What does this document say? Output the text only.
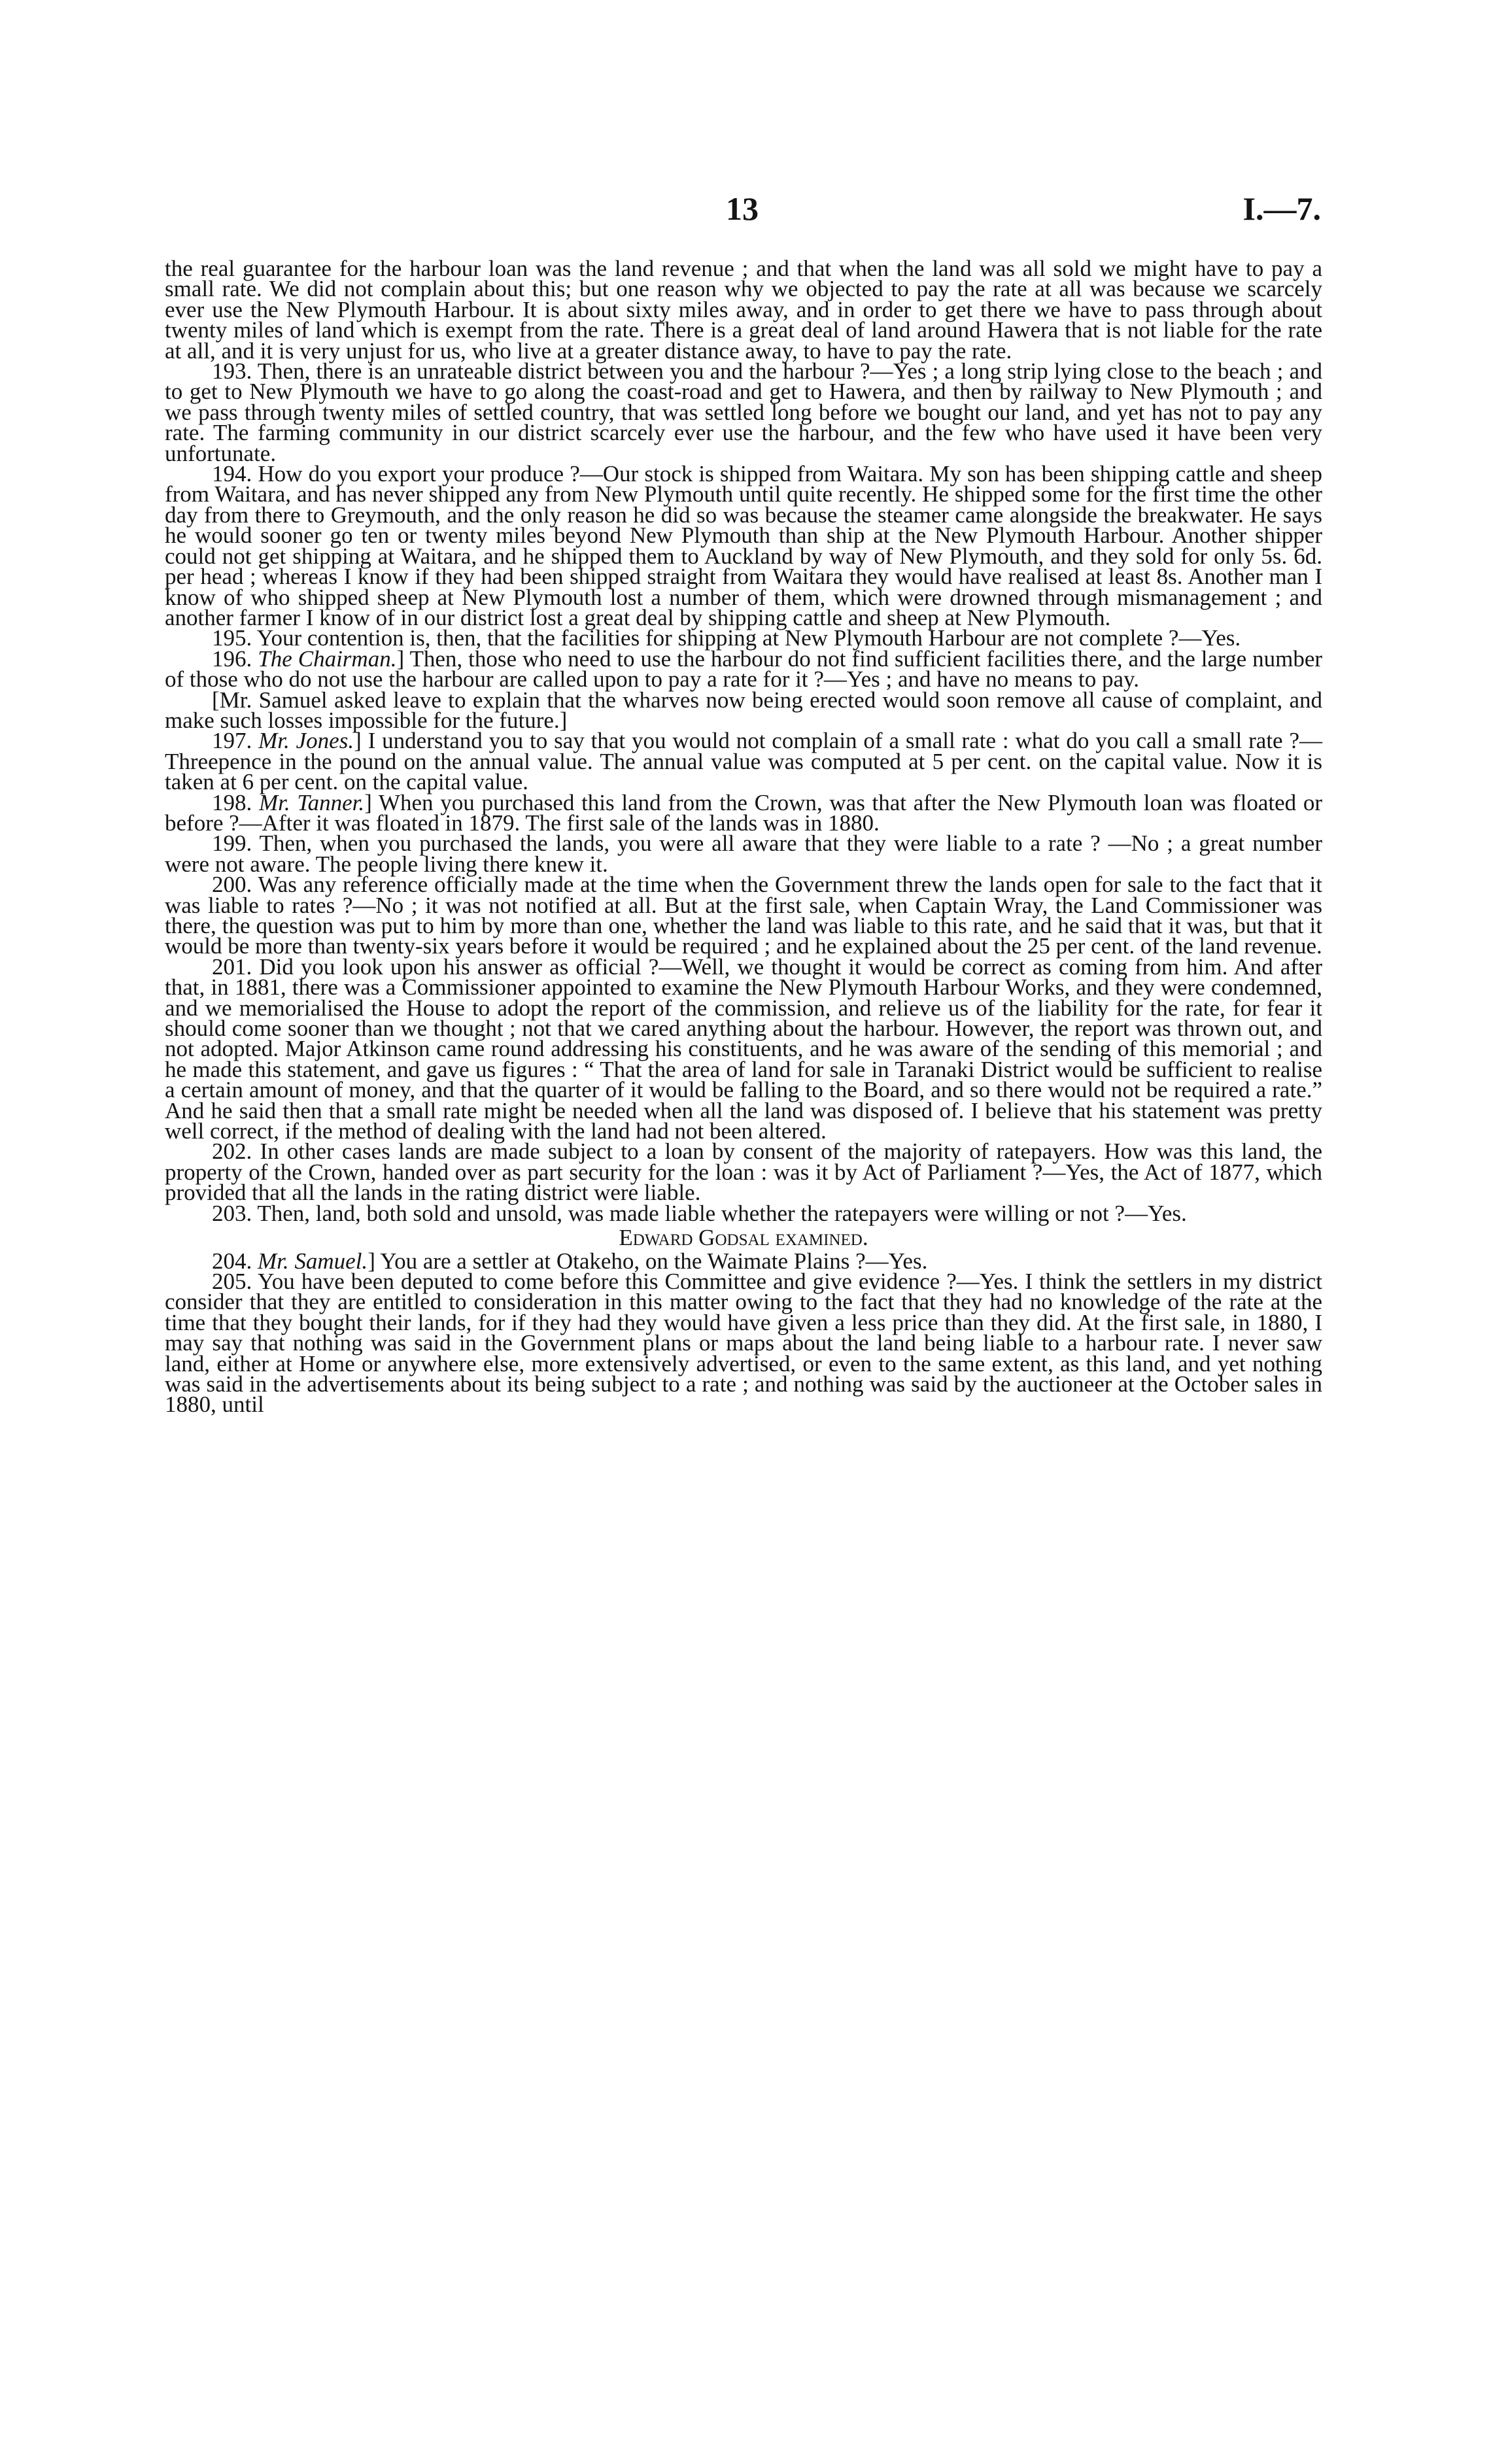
13	I.—7.

the real guarantee for the harbour loan was the land revenue ; and that when the land was all sold we might have to pay a small rate. We did not complain about this; but one reason why we objected to pay the rate at all was because we scarcely ever use the New Plymouth Harbour. It is about sixty miles away, and in order to get there we have to pass through about twenty miles of land which is exempt from the rate. There is a great deal of land around Hawera that is not liable for the rate at all, and it is very unjust for us, who live at a greater distance away, to have to pay the rate.

193. Then, there is an unrateable district between you and the harbour ?—Yes ; a long strip lying close to the beach ; and to get to New Plymouth we have to go along the coast-road and get to Hawera, and then by railway to New Plymouth ; and we pass through twenty miles of settled country, that was settled long before we bought our land, and yet has not to pay any rate. The farming community in our district scarcely ever use the harbour, and the few who have used it have been very unfortunate.

194. How do you export your produce ?—Our stock is shipped from Waitara. My son has been shipping cattle and sheep from Waitara, and has never shipped any from New Plymouth until quite recently. He shipped some for the first time the other day from there to Greymouth, and the only reason he did so was because the steamer came alongside the breakwater. He says he would sooner go ten or twenty miles beyond New Plymouth than ship at the New Plymouth Harbour. Another shipper could not get shipping at Waitara, and he shipped them to Auckland by way of New Plymouth, and they sold for only 5s. 6d. per head ; whereas I know if they had been shipped straight from Waitara they would have realised at least 8s. Another man I know of who shipped sheep at New Plymouth lost a number of them, which were drowned through mismanagement ; and another farmer I know of in our district lost a great deal by shipping cattle and sheep at New Plymouth.

195. Your contention is, then, that the facilities for shipping at New Plymouth Harbour are not complete ?—Yes.

196. The Chairman.] Then, those who need to use the harbour do not find sufficient facilities there, and the large number of those who do not use the harbour are called upon to pay a rate for it ?—Yes ; and have no means to pay.

[Mr. Samuel asked leave to explain that the wharves now being erected would soon remove all cause of complaint, and make such losses impossible for the future.]

197. Mr. Jones.] I understand you to say that you would not complain of a small rate : what do you call a small rate ?—Threepence in the pound on the annual value. The annual value was computed at 5 per cent. on the capital value. Now it is taken at 6 per cent. on the capital value.

198. Mr. Tanner.] When you purchased this land from the Crown, was that after the New Plymouth loan was floated or before ?—After it was floated in 1879. The first sale of the lands was in 1880.

199. Then, when you purchased the lands, you were all aware that they were liable to a rate ? —No ; a great number were not aware. The people living there knew it.

200. Was any reference officially made at the time when the Government threw the lands open for sale to the fact that it was liable to rates ?—No ; it was not notified at all. But at the first sale, when Captain Wray, the Land Commissioner was there, the question was put to him by more than one, whether the land was liable to this rate, and he said that it was, but that it would be more than twenty-six years before it would be required ; and he explained about the 25 per cent. of the land revenue.

201. Did you look upon his answer as official ?—Well, we thought it would be correct as coming from him. And after that, in 1881, there was a Commissioner appointed to examine the New Plymouth Harbour Works, and they were condemned, and we memorialised the House to adopt the report of the commission, and relieve us of the liability for the rate, for fear it should come sooner than we thought ; not that we cared anything about the harbour. However, the report was thrown out, and not adopted. Major Atkinson came round addressing his constituents, and he was aware of the sending of this memorial ; and he made this statement, and gave us figures : “ That the area of land for sale in Taranaki District would be sufficient to realise a certain amount of money, and that the quarter of it would be falling to the Board, and so there would not be required a rate.” And he said then that a small rate might be needed when all the land was disposed of. I believe that his statement was pretty well correct, if the method of dealing with the land had not been altered.

202. In other cases lands are made subject to a loan by consent of the majority of ratepayers. How was this land, the property of the Crown, handed over as part security for the loan : was it by Act of Parliament ?—Yes, the Act of 1877, which provided that all the lands in the rating district were liable.

203. Then, land, both sold and unsold, was made liable whether the ratepayers were willing or not ?—Yes.

Edward Godsal examined.

204. Mr. Samuel.] You are a settler at Otakeho, on the Waimate Plains ?—Yes.

205. You have been deputed to come before this Committee and give evidence ?—Yes. I think the settlers in my district consider that they are entitled to consideration in this matter owing to the fact that they had no knowledge of the rate at the time that they bought their lands, for if they had they would have given a less price than they did. At the first sale, in 1880, I may say that nothing was said in the Government plans or maps about the land being liable to a harbour rate. I never saw land, either at Home or anywhere else, more extensively advertised, or even to the same extent, as this land, and yet nothing was said in the advertisements about its being subject to a rate ; and nothing was said by the auctioneer at the October sales in 1880, until
